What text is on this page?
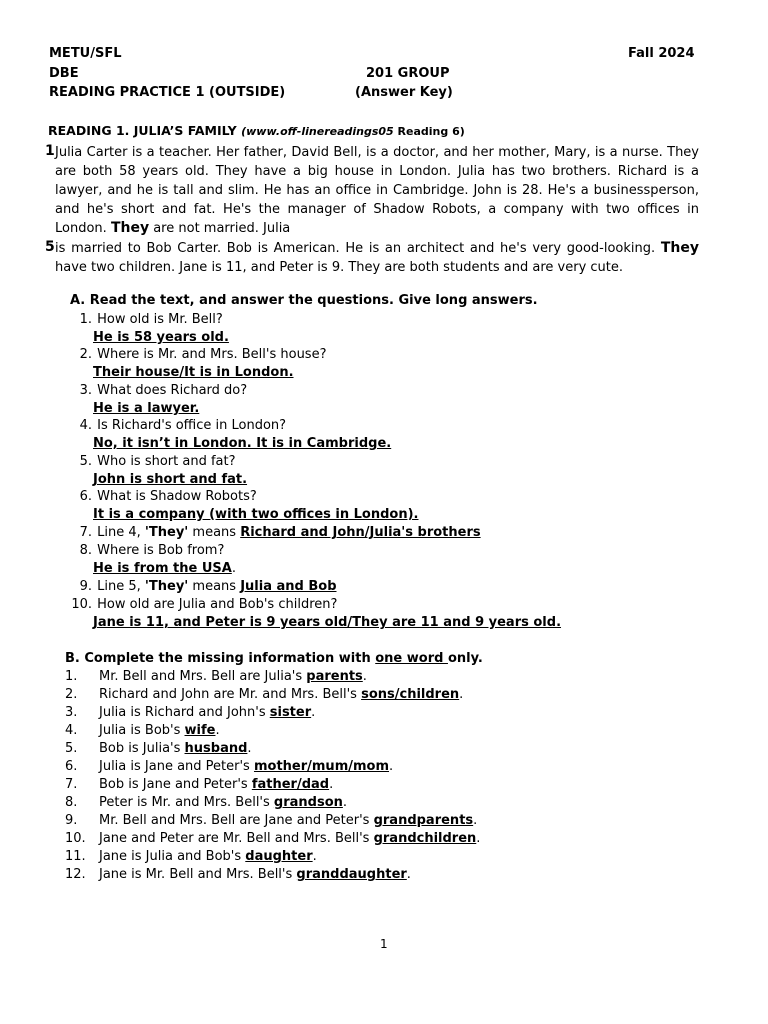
METU/SFL	Fall 2024
DBE	201 GROUP
READING PRACTICE 1 (OUTSIDE)	(Answer Key)
READING 1. JULIA’S FAMILY (www.off-linereadings05 Reading 6)
1 Julia Carter is a teacher. Her father, David Bell, is a doctor, and her mother, Mary, is a nurse. They are both 58 years old. They have a big house in London. Julia has two brothers. Richard is a lawyer, and he is tall and slim. He has an office in Cambridge. John is 28. He's a businessperson, and he's short and fat. He's the manager of Shadow Robots, a company with two offices in London. They are not married. Julia
5 is married to Bob Carter. Bob is American. He is an architect and he's very good-looking. They have two children. Jane is 11, and Peter is 9. They are both students and are very cute.
A. Read the text, and answer the questions. Give long answers.
1. How old is Mr. Bell?
He is 58 years old.
2. Where is Mr. and Mrs. Bell's house?
Their house/It is in London.
3. What does Richard do?
He is a lawyer.
4. Is Richard's office in London?
No, it isn’t in London. It is in Cambridge.
5. Who is short and fat?
John is short and fat.
6. What is Shadow Robots?
It is a company (with two offices in London).
7. Line 4, 'They' means Richard and John/Julia's brothers
8. Where is Bob from?
He is from the USA.
9. Line 5, 'They' means Julia and Bob
10. How old are Julia and Bob's children?
Jane is 11, and Peter is 9 years old/They are 11 and 9 years old.
B. Complete the missing information with one word only.
1. Mr. Bell and Mrs. Bell are Julia's parents.
2. Richard and John are Mr. and Mrs. Bell's sons/children.
3. Julia is Richard and John's sister.
4. Julia is Bob's wife.
5. Bob is Julia's husband.
6. Julia is Jane and Peter's mother/mum/mom.
7. Bob is Jane and Peter's father/dad.
8. Peter is Mr. and Mrs. Bell's grandson.
9. Mr. Bell and Mrs. Bell are Jane and Peter's grandparents.
10. Jane and Peter are Mr. Bell and Mrs. Bell's grandchildren.
11. Jane is Julia and Bob's daughter.
12. Jane is Mr. Bell and Mrs. Bell's granddaughter.
1
